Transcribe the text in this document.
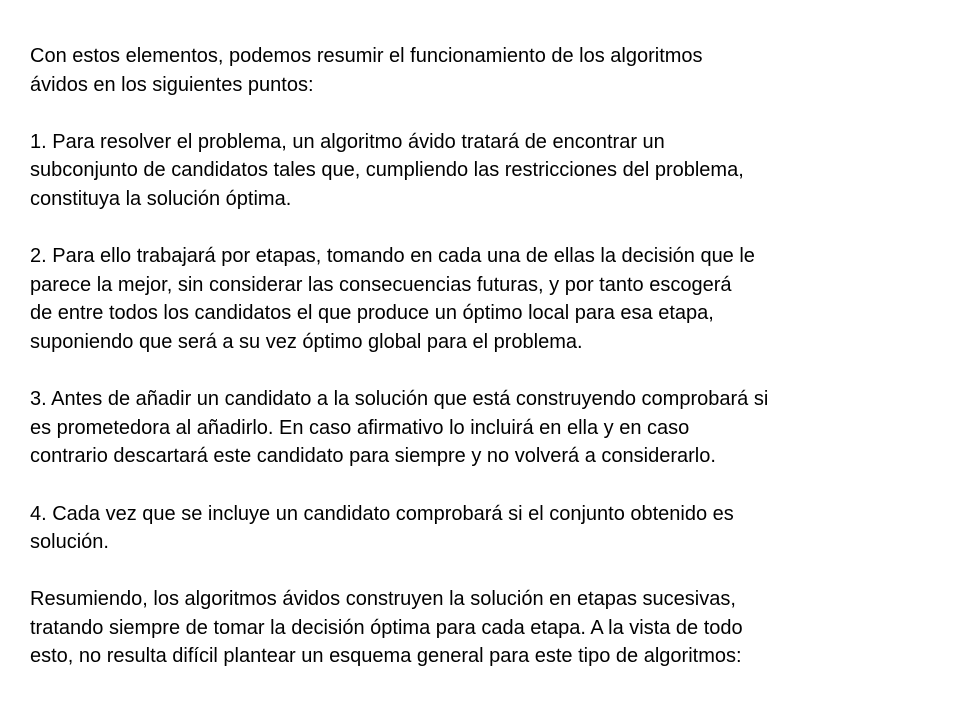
Con estos elementos, podemos resumir el funcionamiento de los algoritmos
ávidos en los siguientes puntos:

1. Para resolver el problema, un algoritmo ávido tratará de encontrar un
subconjunto de candidatos tales que, cumpliendo las restricciones del problema,
constituya la solución óptima.

2. Para ello trabajará por etapas, tomando en cada una de ellas la decisión que le
parece la mejor, sin considerar las consecuencias futuras, y por tanto escogerá
de entre todos los candidatos el que produce un óptimo local para esa etapa,
suponiendo que será a su vez óptimo global para el problema.

3. Antes de añadir un candidato a la solución que está construyendo comprobará si
es prometedora al añadirlo. En caso afirmativo lo incluirá en ella y en caso
contrario descartará este candidato para siempre y no volverá a considerarlo.

4. Cada vez que se incluye un candidato comprobará si el conjunto obtenido es
solución.

Resumiendo, los algoritmos ávidos construyen la solución en etapas sucesivas,
tratando siempre de tomar la decisión óptima para cada etapa. A la vista de todo
esto, no resulta difícil plantear un esquema general para este tipo de algoritmos:
